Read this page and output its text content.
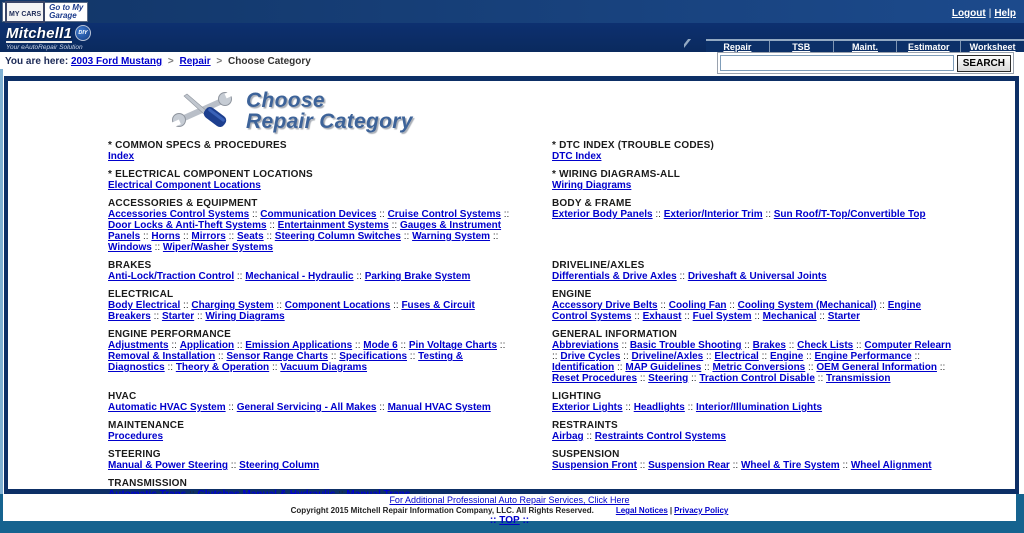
MY CARS
Go to My
Garage	Logout | Help
Mitchell1 DIY
Your eAutoRepair Solution	Repair	TSB	Maint.	Estimator Worksheet
You are here: 2003 Ford Mustang > Repair > Choose Category	SEARCH
Choose
Repair Category
* COMMON SPECS & PROCEDURES
Index

* DTC INDEX (TROUBLE CODES)
DTC Index

* ELECTRICAL COMPONENT LOCATIONS
Electrical Component Locations

* WIRING DIAGRAMS-ALL
Wiring Diagrams

ACCESSORIES & EQUIPMENT
Accessories Control Systems :: Communication Devices :: Cruise Control Systems :: Door Locks & Anti-Theft Systems :: Entertainment Systems :: Gauges & Instrument Panels :: Horns :: Mirrors :: Seats :: Steering Column Switches :: Warning System :: Windows :: Wiper/Washer Systems

BODY & FRAME
Exterior Body Panels :: Exterior/Interior Trim :: Sun Roof/T-Top/Convertible Top

BRAKES
Anti-Lock/Traction Control :: Mechanical - Hydraulic :: Parking Brake System

DRIVELINE/AXLES
Differentials & Drive Axles :: Driveshaft & Universal Joints

ELECTRICAL
Body Electrical :: Charging System :: Component Locations :: Fuses & Circuit Breakers :: Starter :: Wiring Diagrams

ENGINE
Accessory Drive Belts :: Cooling Fan :: Cooling System (Mechanical) :: Engine Control Systems :: Exhaust :: Fuel System :: Mechanical :: Starter

ENGINE PERFORMANCE
Adjustments :: Application :: Emission Applications :: Mode 6 :: Pin Voltage Charts :: Removal & Installation :: Sensor Range Charts :: Specifications :: Testing & Diagnostics :: Theory & Operation :: Vacuum Diagrams

GENERAL INFORMATION
Abbreviations :: Basic Trouble Shooting :: Brakes :: Check Lists :: Computer Relearn :: Drive Cycles :: Driveline/Axles :: Electrical :: Engine :: Engine Performance :: Identification :: MAP Guidelines :: Metric Conversions :: OEM General Information :: Reset Procedures :: Steering :: Traction Control Disable :: Transmission

HVAC
Automatic HVAC System :: General Servicing - All Makes :: Manual HVAC System

LIGHTING
Exterior Lights :: Headlights :: Interior/Illumination Lights

MAINTENANCE
Procedures

RESTRAINTS
Airbag :: Restraints Control Systems

STEERING
Manual & Power Steering :: Steering Column

SUSPENSION
Suspension Front :: Suspension Rear :: Wheel & Tire System :: Wheel Alignment

TRANSMISSION	

For Additional Professional Auto Repair Services, Click Here
Copyright 2015 Mitchell Repair Information Company, LLC. All Rights Reserved.	Legal Notices | Privacy Policy
:: TOP ::
